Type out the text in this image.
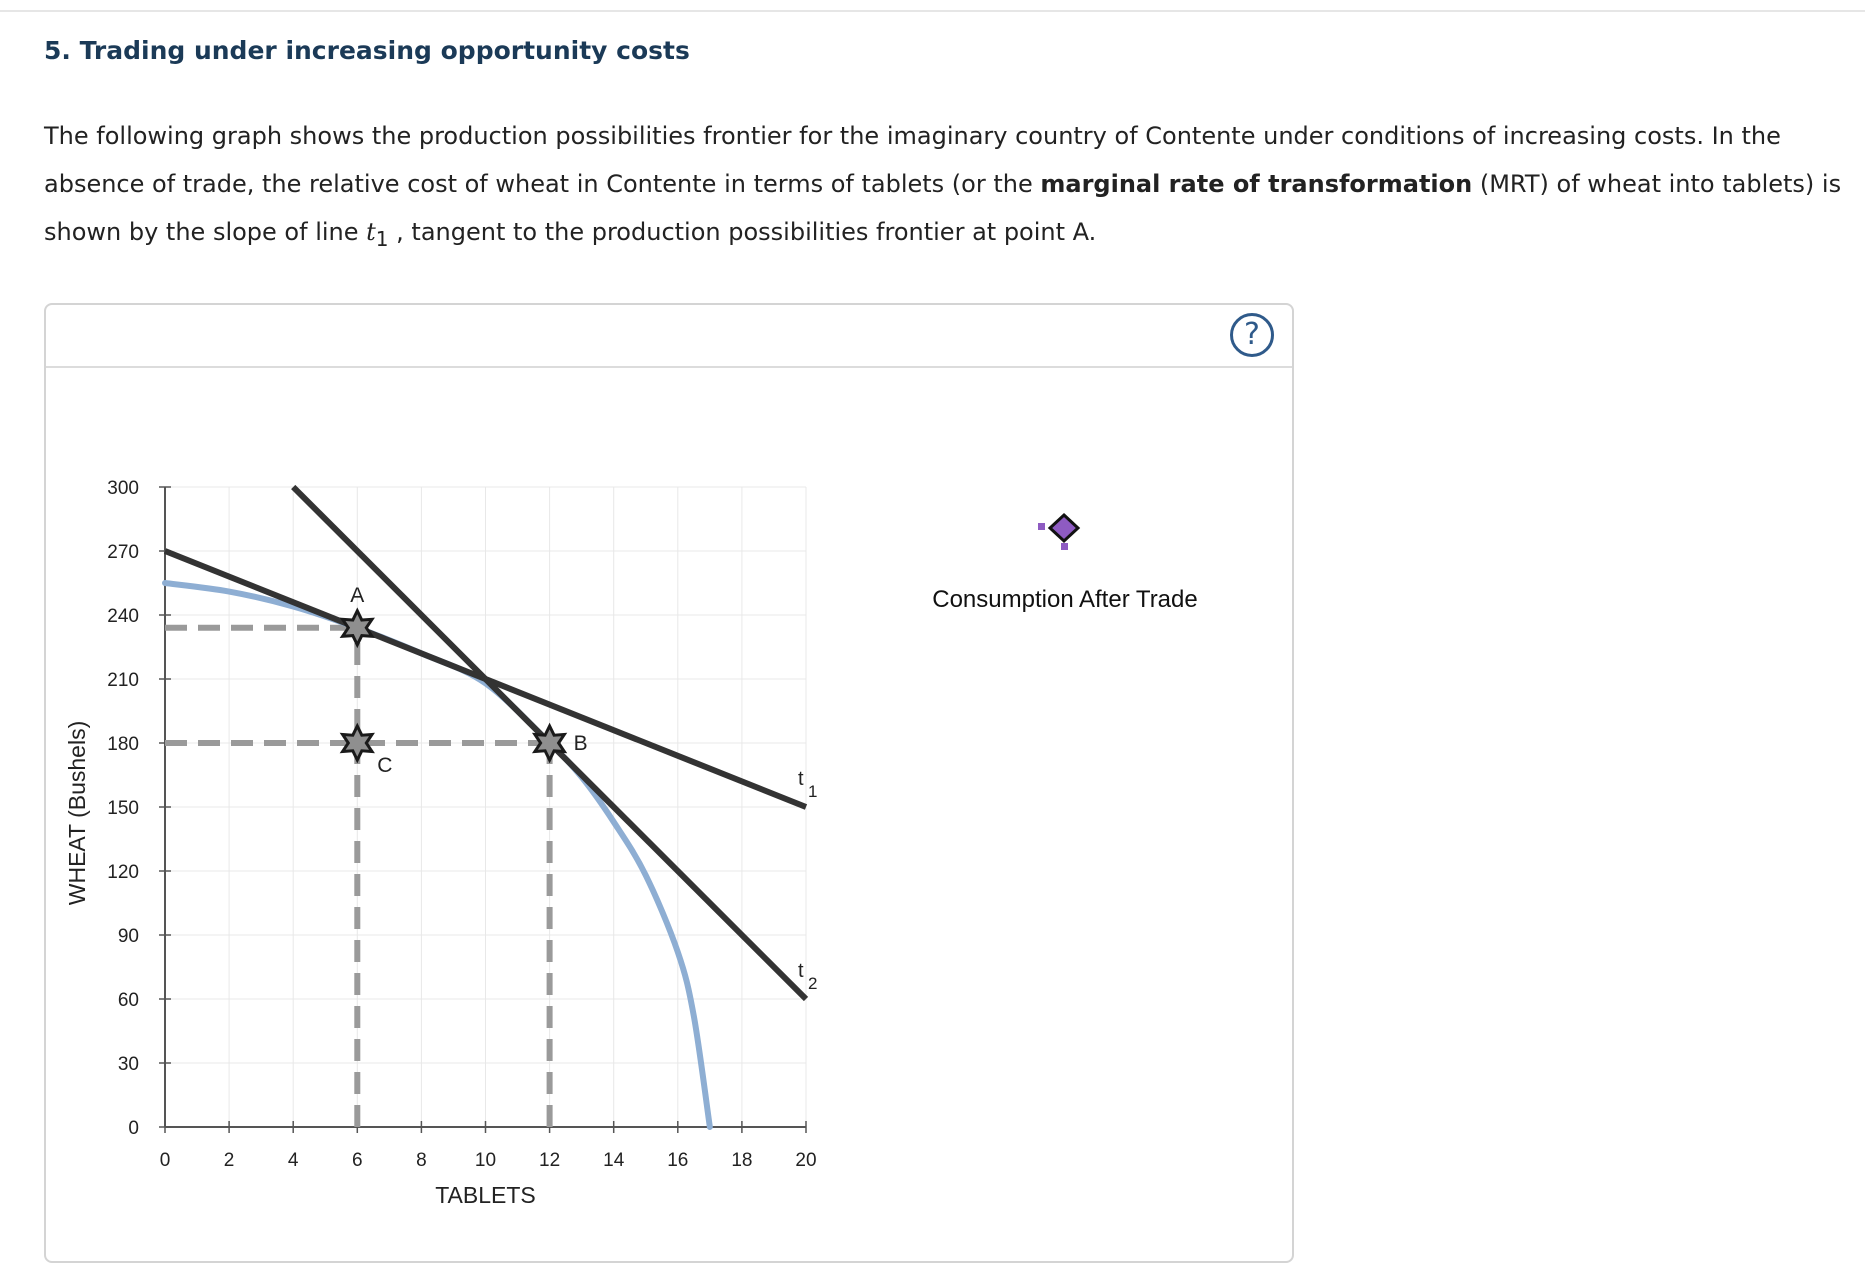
5. Trading under increasing opportunity costs

The following graph shows the production possibilities frontier for the imaginary country of Contente under conditions of increasing costs. In the absence of trade, the relative cost of wheat in Contente in terms of tablets (or the marginal rate of transformation (MRT) of wheat into tablets) is shown by the slope of line $t_1$ , tangent to the production possibilities frontier at point A.

?
0	2	4	6	8	10 12 14 16 18 20
0
30
60
90
120
150
180
210
240
270
300
TABLETS
WHEAT (Bushels)	t
1
t
2
A
B
C
Consumption After Trade
